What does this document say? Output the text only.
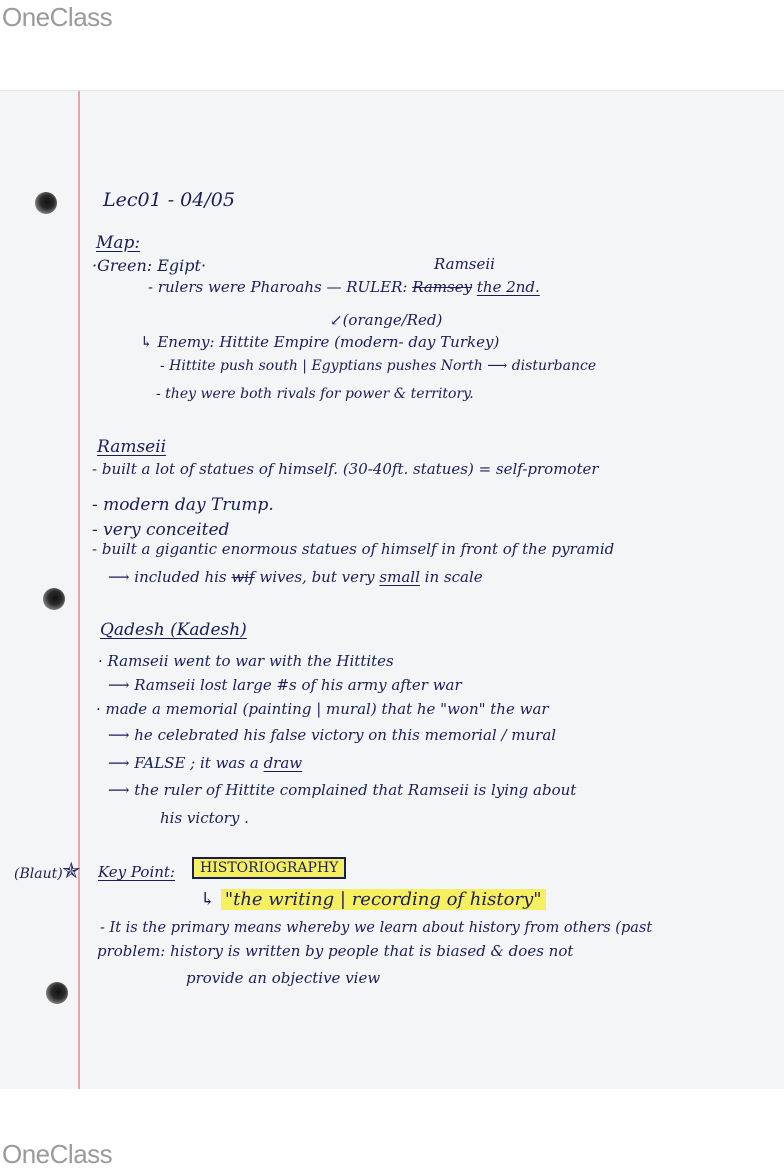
OneClass
Lec01 - 04/05
Map:
·Green: Egipt·	Ramseii
- rulers were Pharoahs — RULER: Ramsey the 2nd.
↙(orange/Red)
↳ Enemy: Hittite Empire (modern- day Turkey)
- Hittite push south | Egyptians pushes North ⟶ disturbance
- they were both rivals for power & territory.
Ramseii
- built a lot of statues of himself. (30-40ft. statues) = self-promoter
- modern day Trump.
- very conceited
- built a gigantic enormous statues of himself in front of the pyramid
⟶ included his wif wives, but very small in scale
Qadesh (Kadesh)
· Ramseii went to war with the Hittites
⟶ Ramseii lost large #s of his army after war
· made a memorial (painting | mural) that he "won" the war
⟶ he celebrated his false victory on this memorial / mural
⟶ FALSE ; it was a draw
⟶ the ruler of Hittite complained that Ramseii is lying about
his victory .
(Blaut) ✯ Key Point:	HISTORIOGRAPHY
↳ "the writing | recording of history"
- It is the primary means whereby we learn about history from others (past
problem: history is written by people that is biased & does not
provide an objective view
OneClass
